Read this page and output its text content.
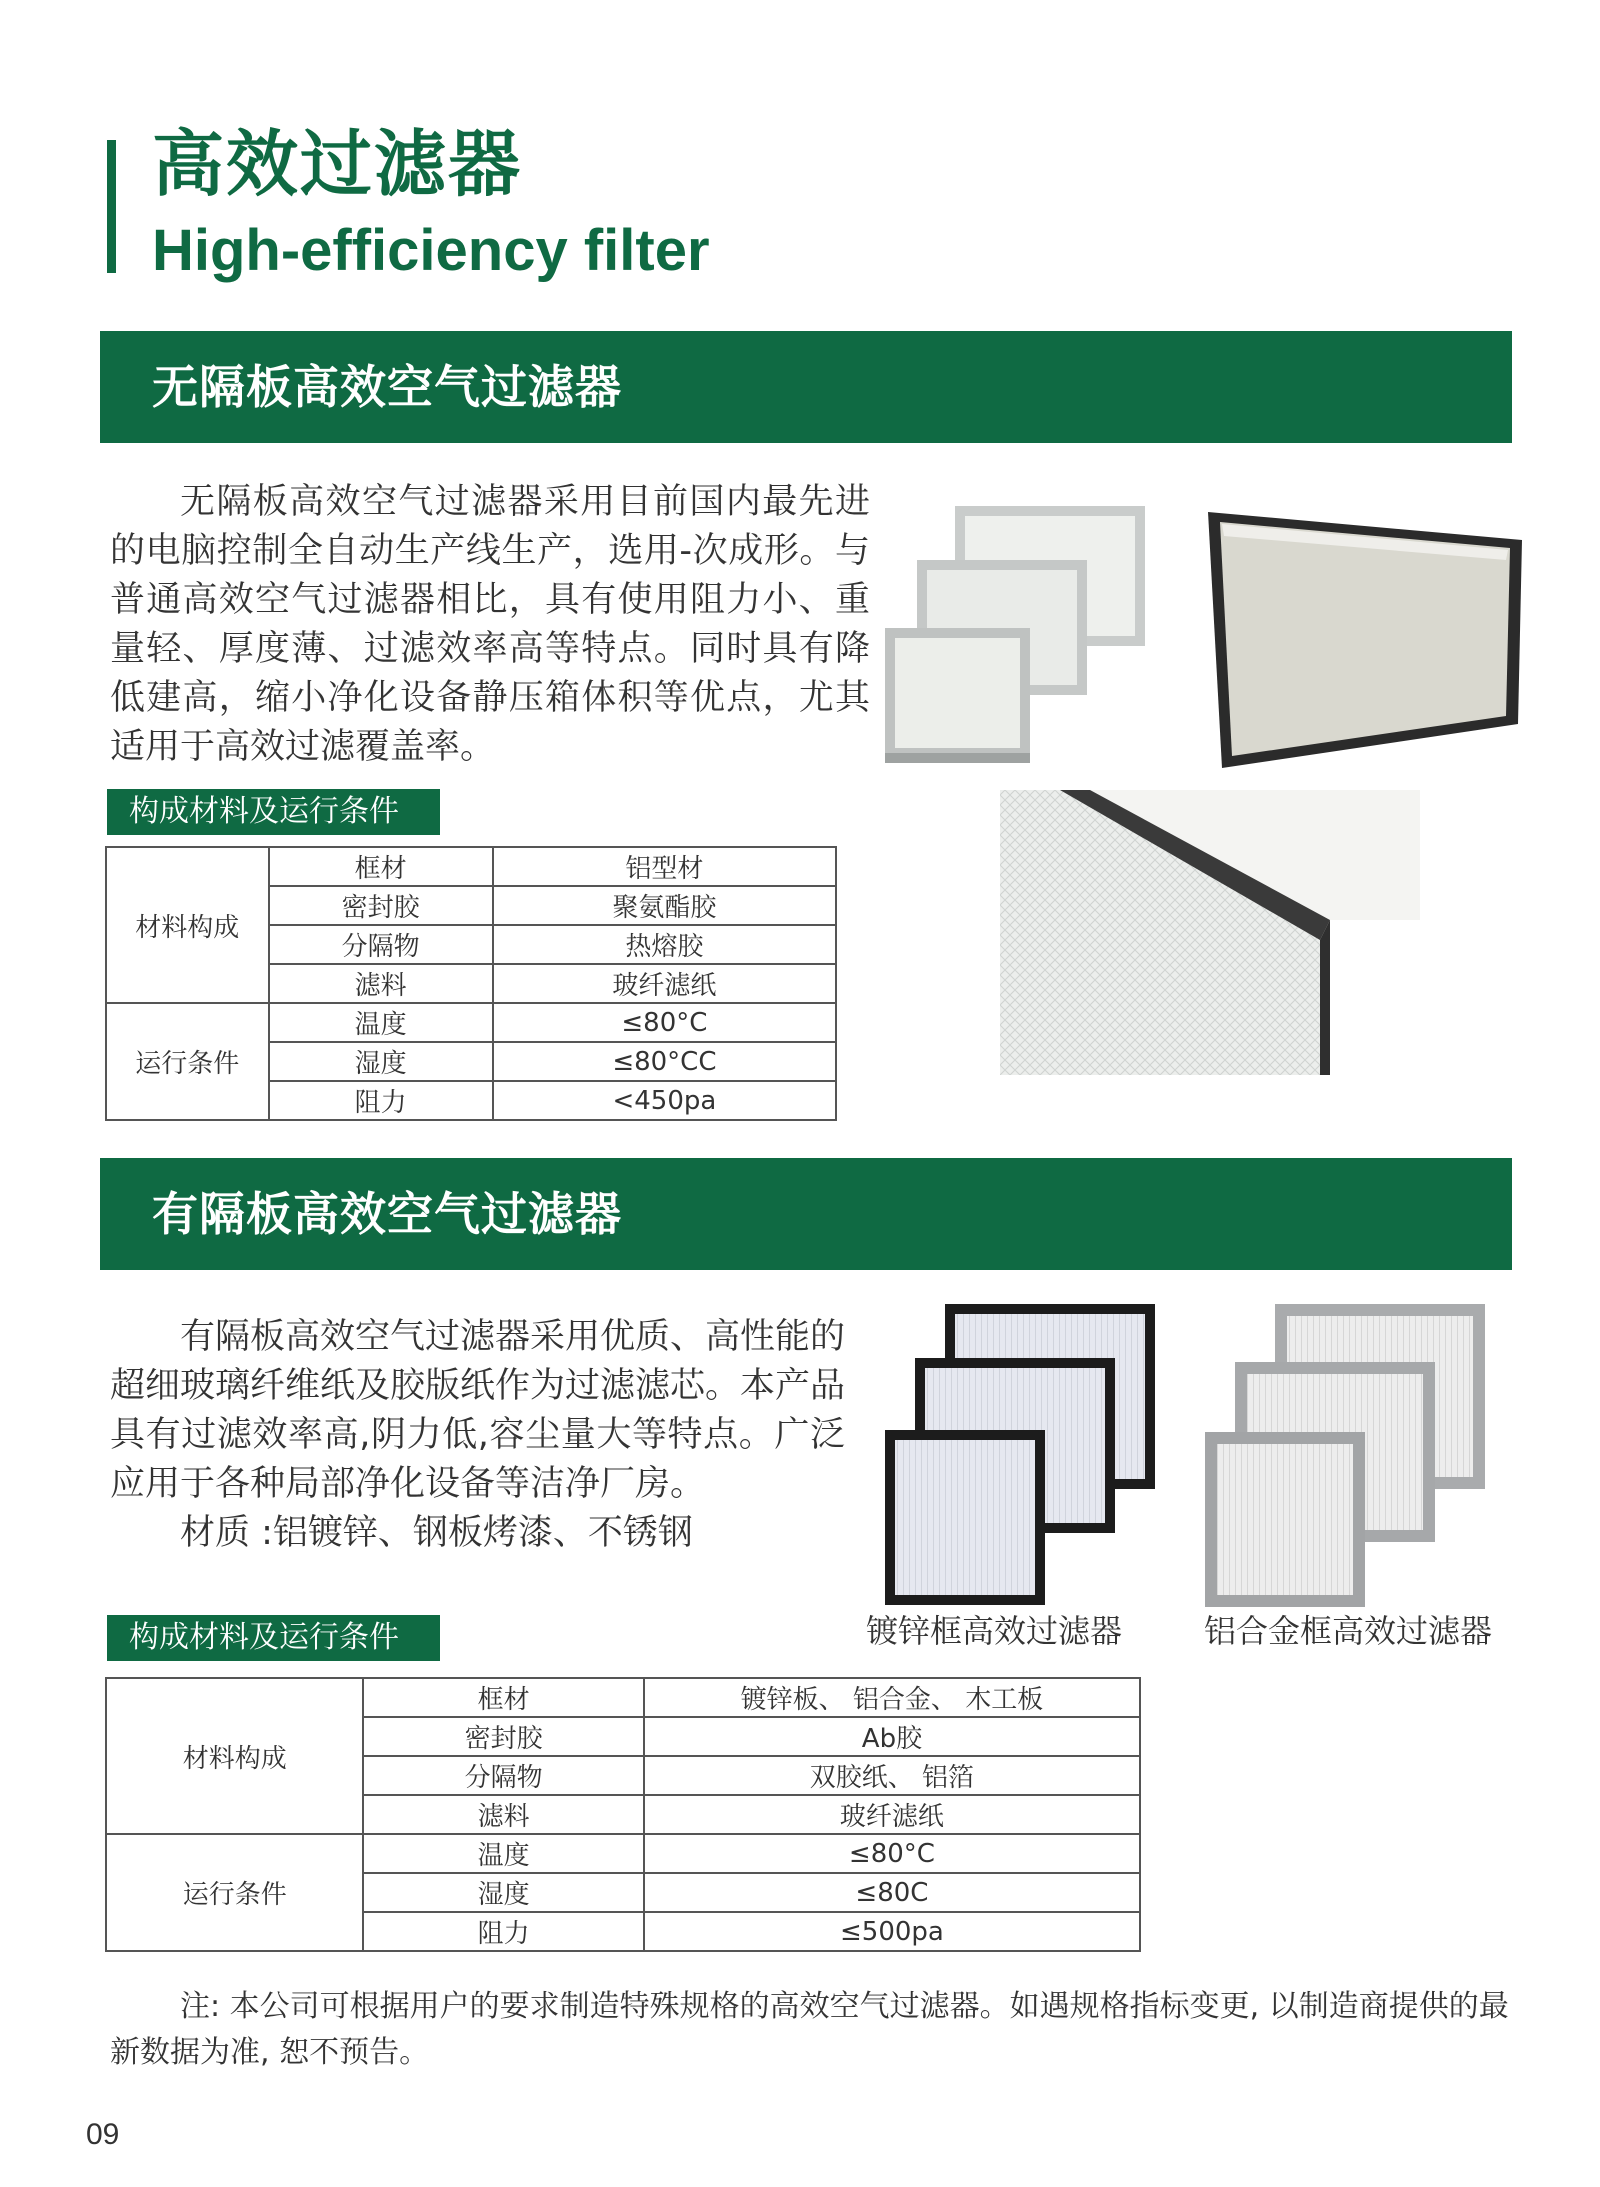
高效过滤器
High-efficiency filter
无隔板高效空气过滤器

无隔板高效空气过滤器采用目前国内最先进的电脑控制全自动生产线生产，选用-次成形。与普通高效空气过滤器相比，具有使用阻力小、重量轻、厚度薄、过滤效率高等特点。同时具有降低建高，缩小净化设备静压箱体积等优点，尤其适用于高效过滤覆盖率。

构成材料及运行条件
材料构成	框材	铝型材
	密封胶	聚氨酯胶
	分隔物	热熔胶
	滤料	玻纤滤纸
运行条件	温度	≤80°C
	湿度	≤80°CC
	阻力	<450pa
有隔板高效空气过滤器

有隔板高效空气过滤器采用优质、高性能的超细玻璃纤维纸及胶版纸作为过滤滤芯。本产品具有过滤效率高,阴力低,容尘量大等特点。广泛应用于各种局部净化设备等洁净厂房。

材质 :铝镀锌、钢板烤漆、不锈钢

镀锌框高效过滤器	铝合金框高效过滤器
构成材料及运行条件
材料构成	框材	镀锌板、 铝合金、 木工板
	密封胶	Ab胶
	分隔物	双胶纸、 铝箔
	滤料	玻纤滤纸
运行条件	温度	≤80°C
	湿度	≤80C
	阻力	≤500pa

注: 本公司可根据用户的要求制造特殊规格的高效空气过滤器。如遇规格指标变更, 以制造商提供的最新数据为准, 恕不预告。

09
